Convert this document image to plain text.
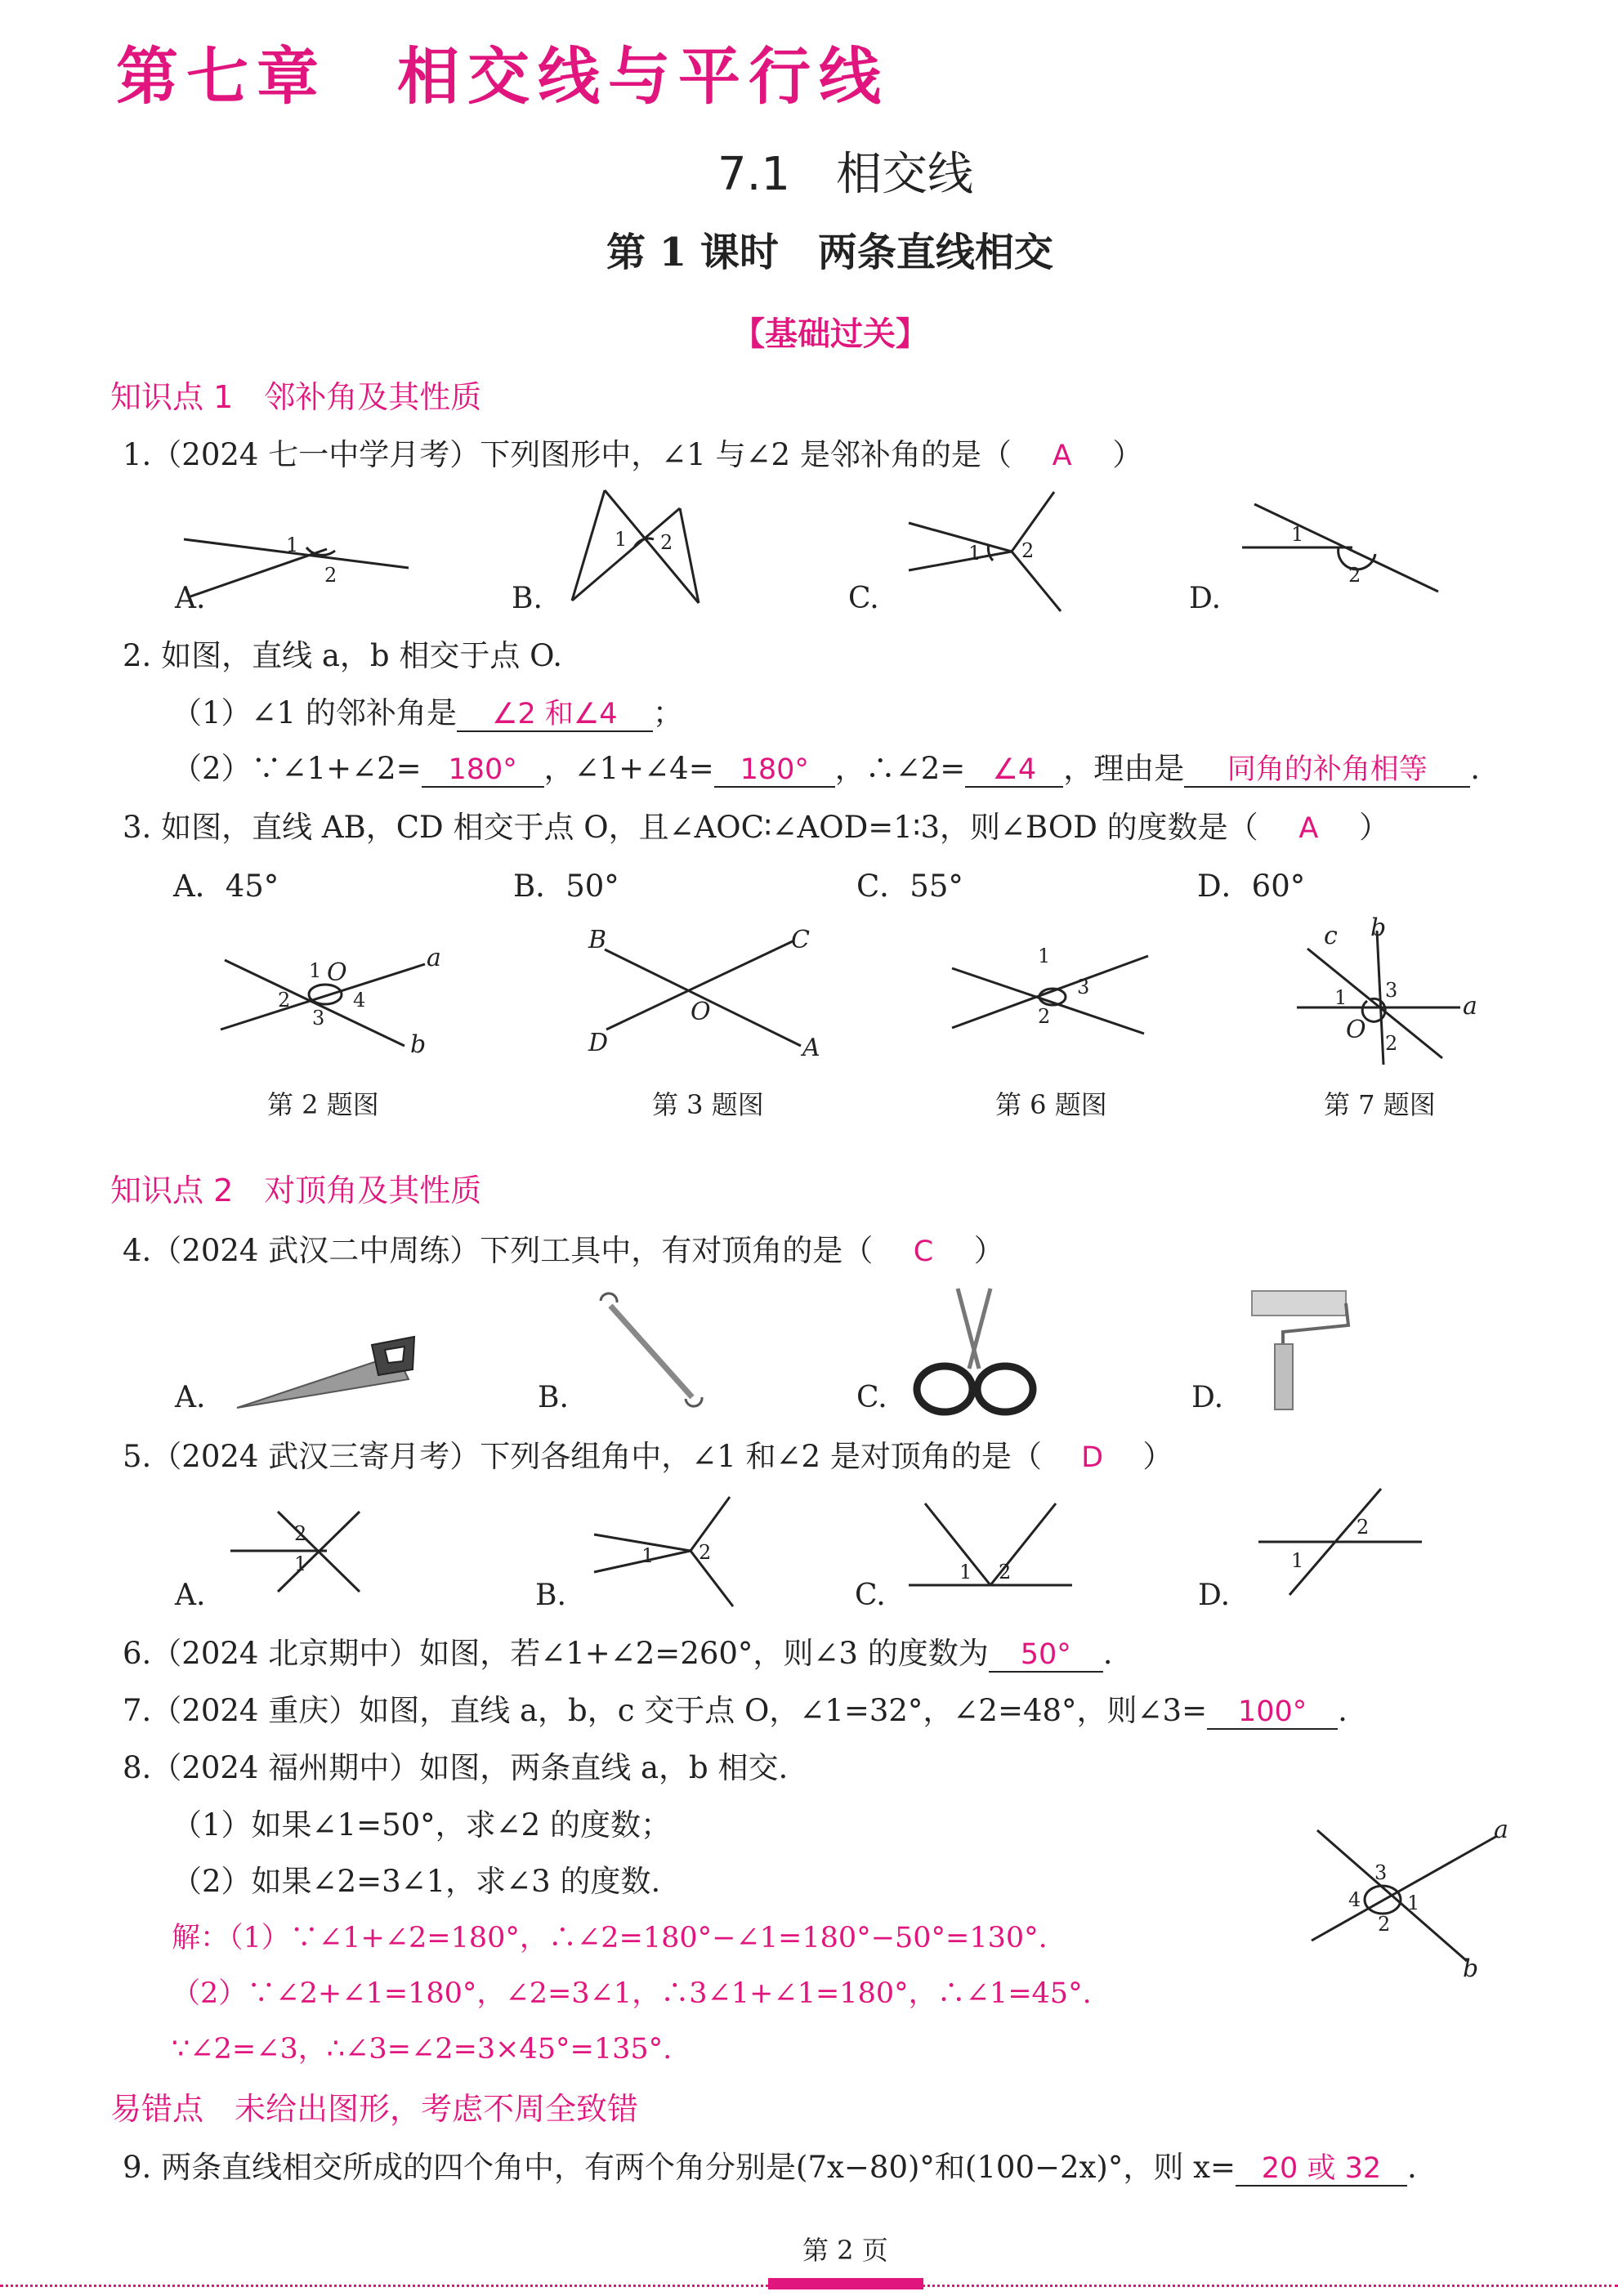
第七章　相交线与平行线
7.1　相交线
第 1 课时　两条直线相交
【基础过关】
知识点 1　邻补角及其性质
1.（2024 七一中学月考）下列图形中，∠1 与∠2 是邻补角的是（ A ）
1
2
1 2	1 2
1
2
A.	B.	C.	D.
2. 如图，直线 a，b 相交于点 O.
（1）∠1 的邻补角是 ∠2 和∠4 ；
（2）∵∠1+∠2= 180° ，∠1+∠4= 180° ，∴∠2= ∠4 ，理由是 同角的补角相等 .
3. 如图，直线 AB，CD 相交于点 O，且∠AOC∶∠AOD=1∶3，则∠BOD 的度数是（ A ）
A．45°	B．50°	C．55°	D．60°
1 O
2	4
3
a
b
B	C
D	A
O
1
3
2
c b
a
1 3
2
O
第 2 题图	第 3 题图	第 6 题图	第 7 题图
知识点 2　对顶角及其性质
4.（2024 武汉二中周练）下列工具中，有对顶角的是（ C ）
A.	B.	C.	D.
5.（2024 武汉三寄月考）下列各组角中，∠1 和∠2 是对顶角的是（ D ）
2
1	1 2
1 2
2
1
A.	B.	C.	D.
6.（2024 北京期中）如图，若∠1+∠2=260°，则∠3 的度数为 50° .
7.（2024 重庆）如图，直线 a，b，c 交于点 O，∠1=32°，∠2=48°，则∠3= 100° .
8.（2024 福州期中）如图，两条直线 a，b 相交.
（1）如果∠1=50°，求∠2 的度数；
（2）如果∠2=3∠1，求∠3 的度数.
解：（1）∵∠1+∠2=180°，∴∠2=180°−∠1=180°−50°=130°.
（2）∵∠2+∠1=180°，∠2=3∠1，∴3∠1+∠1=180°，∴∠1=45°.
∵∠2=∠3，∴∠3=∠2=3×45°=135°.
3
4 1
2
a
b
易错点　未给出图形，考虑不周全致错
9. 两条直线相交所成的四个角中，有两个角分别是(7x−80)°和(100−2x)°，则 x= 20 或 32 .
第 2 页
